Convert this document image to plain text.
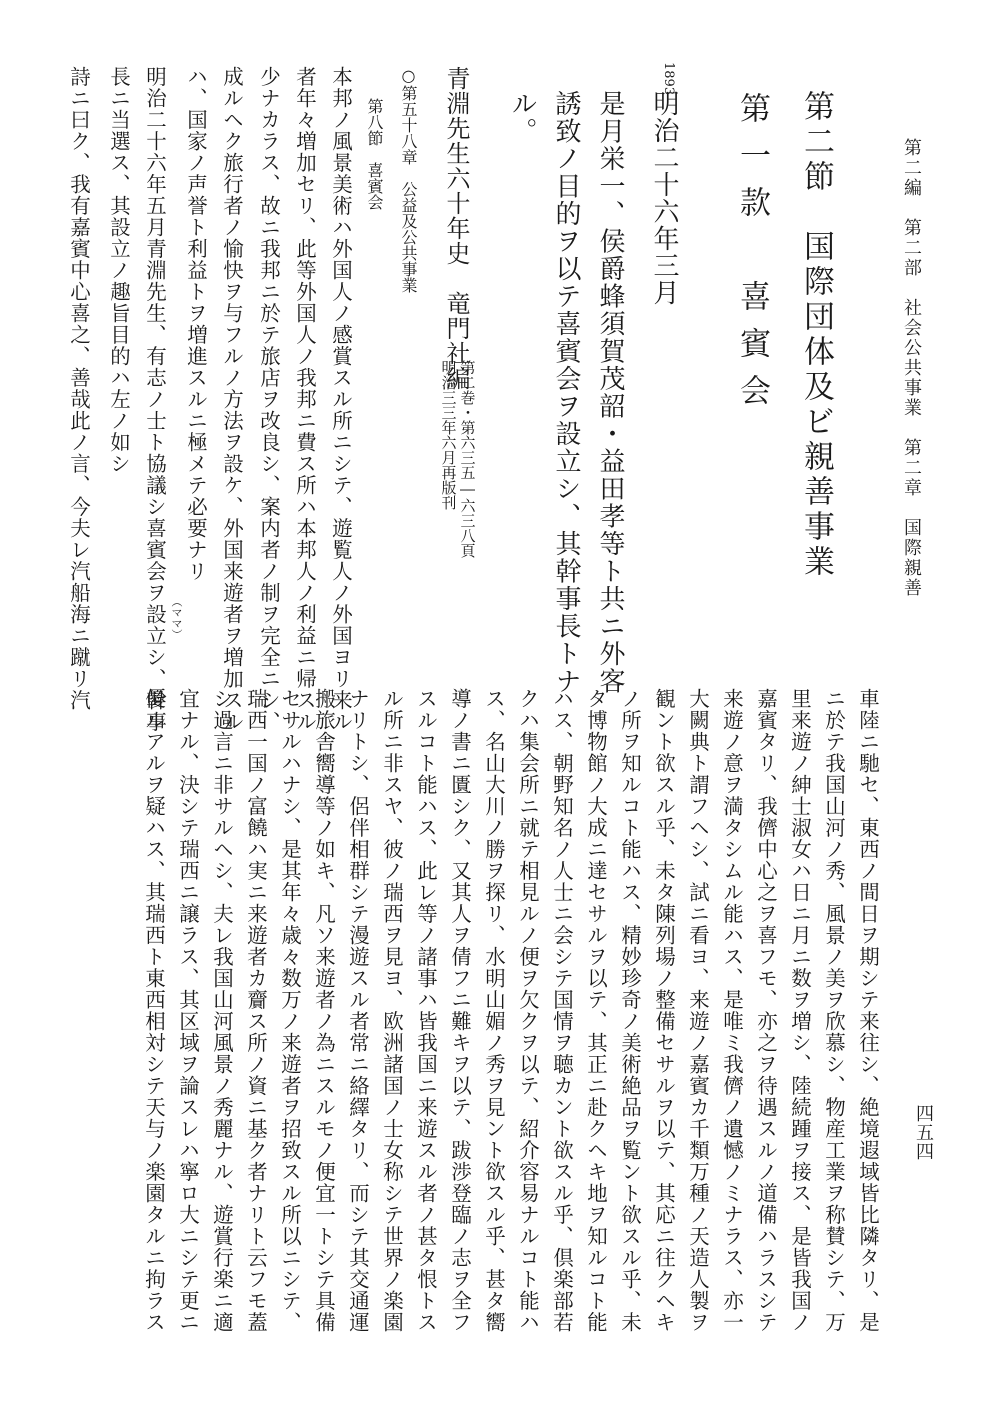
第二編　第二部　社会公共事業　第二章　国際親善
第二節　国際団体及ビ親善事業
第一款　喜賓会
1893
明治二十六年三月
是月栄一、侯爵蜂須賀茂韶・益田孝等ト共ニ外客
誘致ノ目的ヲ以テ喜賓会ヲ設立シ、其幹事長トナ
ル。
青淵先生六十年史　竜門社編
第二巻・第六三五―六三八頁
明治三三年六月再版刊
○第五十八章　公益及公共事業
第八節　喜賓会
本邦ノ風景美術ハ外国人ノ感賞スル所ニシテ、遊覧人ノ外国ヨリ来ル
者年々増加セリ、此等外国人ノ我邦ニ費ス所ハ本邦人ノ利益ニ帰スル
少ナカラス、故ニ我邦ニ於テ旅店ヲ改良シ、案内者ノ制ヲ完全ニシ、
成ルヘク旅行者ノ愉快ヲ与フルノ方法ヲ設ケ、外国来遊者ヲ増加スル
ハ、国家ノ声誉ト利益トヲ増進スルニ極メテ必要ナリ
（ママ）
明治二十六年五月青淵先生、有志ノ士ト協議シ喜賓会ヲ設立シ、幹事
長ニ当選ス、其設立ノ趣旨目的ハ左ノ如シ
詩ニ曰ク、我有嘉賓中心喜之、善哉此ノ言、今夫レ汽船海ニ蹴リ汽
四五四
車陸ニ馳セ、東西ノ間日ヲ期シテ来往シ、絶境遐域皆比隣タリ、是
ニ於テ我国山河ノ秀、風景ノ美ヲ欣慕シ、物産工業ヲ称賛シテ、万
里来遊ノ紳士淑女ハ日ニ月ニ数ヲ増シ、陸続踵ヲ接ス、是皆我国ノ
嘉賓タリ、我儕中心之ヲ喜フモ、亦之ヲ待遇スルノ道備ハラスシテ
来遊ノ意ヲ満タシムル能ハス、是唯ミ我儕ノ遺憾ノミナラス、亦一
大闕典ト謂フヘシ、試ニ看ヨ、来遊ノ嘉賓カ千類万種ノ天造人製ヲ
観ント欲スル乎、未タ陳列場ノ整備セサルヲ以テ、其応ニ往クヘキ
ノ所ヲ知ルコト能ハス、精妙珍奇ノ美術絶品ヲ覧ント欲スル乎、未
タ博物館ノ大成ニ達セサルヲ以テ、其正ニ赴クヘキ地ヲ知ルコト能
ハス、朝野知名ノ人士ニ会シテ国情ヲ聴カント欲スル乎、倶楽部若
クハ集会所ニ就テ相見ルノ便ヲ欠クヲ以テ、紹介容易ナルコト能ハ
ス、名山大川ノ勝ヲ探リ、水明山媚ノ秀ヲ見ント欲スル乎、甚タ嚮
導ノ書ニ匱シク、又其人ヲ倩フニ難キヲ以テ、跋渉登臨ノ志ヲ全フ
スルコト能ハス、此レ等ノ諸事ハ皆我国ニ来遊スル者ノ甚タ恨トス
ル所ニ非スヤ、彼ノ瑞西ヲ見ヨ、欧洲諸国ノ士女称シテ世界ノ楽園
ナリトシ、侶伴相群シテ漫遊スル者常ニ絡繹タリ、而シテ其交通運
搬旅舎嚮導等ノ如キ、凡ソ来遊者ノ為ニスルモノ便宜一トシテ具備
セサルハナシ、是其年々歳々数万ノ来遊者ヲ招致スル所以ニシテ、
瑞西一国ノ富饒ハ実ニ来遊者カ齎ス所ノ資ニ基ク者ナリト云フモ蓋
シ過言ニ非サルヘシ、夫レ我国山河風景ノ秀麗ナル、遊賞行楽ニ適
宜ナル、決シテ瑞西ニ譲ラス、其区域ヲ論スレハ寧ロ大ニシテ更ニ
優ルアルヲ疑ハス、其瑞西ト東西相対シテ天与ノ楽園タルニ拘ラス
